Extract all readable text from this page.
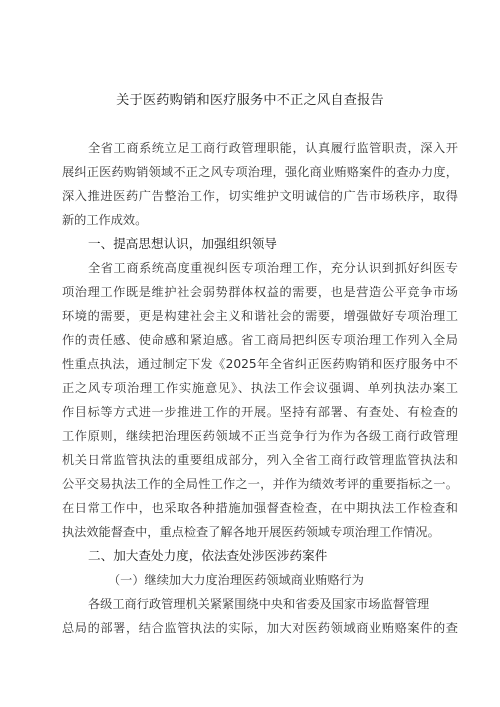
关于医药购销和医疗服务中不正之风自查报告
全省工商系统立足工商行政管理职能，认真履行监管职责，深入开
展纠正医药购销领域不正之风专项治理，强化商业贿赂案件的查办力度，
深入推进医药广告整治工作，切实维护文明诚信的广告市场秩序，取得
新的工作成效。
一、提高思想认识，加强组织领导
全省工商系统高度重视纠医专项治理工作，充分认识到抓好纠医专
项治理工作既是维护社会弱势群体权益的需要，也是营造公平竞争市场
环境的需要，更是构建社会主义和谐社会的需要，增强做好专项治理工
作的责任感、使命感和紧迫感。省工商局把纠医专项治理工作列入全局
性重点执法，通过制定下发《2025年全省纠正医药购销和医疗服务中不
正之风专项治理工作实施意见》、执法工作会议强调、单列执法办案工
作目标等方式进一步推进工作的开展。坚持有部署、有查处、有检查的
工作原则，继续把治理医药领域不正当竞争行为作为各级工商行政管理
机关日常监管执法的重要组成部分，列入全省工商行政管理监管执法和
公平交易执法工作的全局性工作之一，并作为绩效考评的重要指标之一。
在日常工作中，也采取各种措施加强督查检查，在中期执法工作检查和
执法效能督查中，重点检查了解各地开展医药领域专项治理工作情况。
二、加大查处力度，依法查处涉医涉药案件
（一）继续加大力度治理医药领域商业贿赂行为
各级工商行政管理机关紧紧围绕中央和省委及国家市场监督管理
总局的部署，结合监管执法的实际，加大对医药领域商业贿赂案件的查
